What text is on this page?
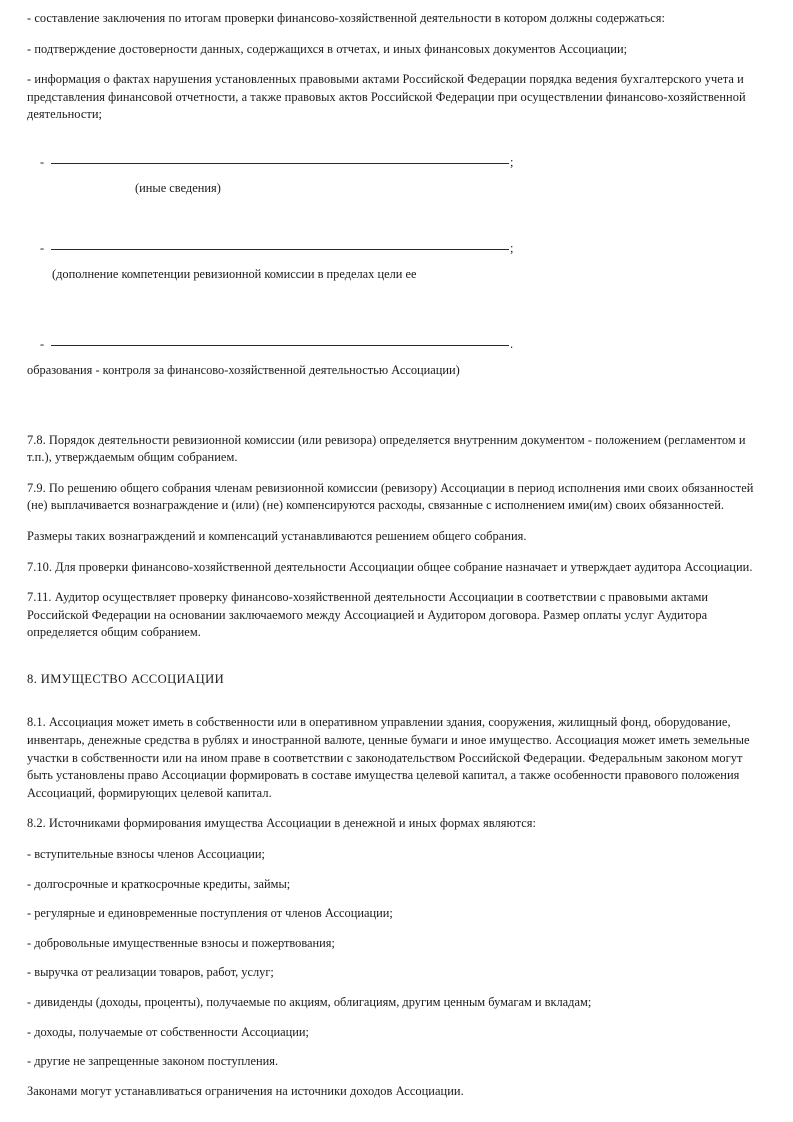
- составление заключения по итогам проверки финансово-хозяйственной деятельности в котором должны содержаться:

- подтверждение достоверности данных, содержащихся в отчетах, и иных финансовых документов Ассоциации;

- информация о фактах нарушения установленных правовыми актами Российской Федерации порядка ведения бухгалтерского учета и представления финансовой отчетности, а также правовых актов Российской Федерации при осуществлении финансово-хозяйственной деятельности;

-	;

(иные сведения)

-	;

(дополнение компетенции ревизионной комиссии в пределах цели ее

-	.

образования - контроля за финансово-хозяйственной деятельностью Ассоциации)

7.8. Порядок деятельности ревизионной комиссии (или ревизора) определяется внутренним документом - положением (регламентом и т.п.), утверждаемым общим собранием.

7.9. По решению общего собрания членам ревизионной комиссии (ревизору) Ассоциации в период исполнения ими своих обязанностей (не) выплачивается вознаграждение и (или) (не) компенсируются расходы, связанные с исполнением ими(им) своих обязанностей.

Размеры таких вознаграждений и компенсаций устанавливаются решением общего собрания.

7.10. Для проверки финансово-хозяйственной деятельности Ассоциации общее собрание назначает и утверждает аудитора Ассоциации.

7.11. Аудитор осуществляет проверку финансово-хозяйственной деятельности Ассоциации в соответствии с правовыми актами Российской Федерации на основании заключаемого между Ассоциацией и Аудитором договора. Размер оплаты услуг Аудитора определяется общим собранием.

8. ИМУЩЕСТВО АССОЦИАЦИИ

8.1. Ассоциация может иметь в собственности или в оперативном управлении здания, сооружения, жилищный фонд, оборудование, инвентарь, денежные средства в рублях и иностранной валюте, ценные бумаги и иное имущество. Ассоциация может иметь земельные участки в собственности или на ином праве в соответствии с законодательством Российской Федерации. Федеральным законом могут быть установлены право Ассоциации формировать в составе имущества целевой капитал, а также особенности правового положения Ассоциаций, формирующих целевой капитал.

8.2. Источниками формирования имущества Ассоциации в денежной и иных формах являются:

- вступительные взносы членов Ассоциации;

- долгосрочные и краткосрочные кредиты, займы;

- регулярные и единовременные поступления от членов Ассоциации;

- добровольные имущественные взносы и пожертвования;

- выручка от реализации товаров, работ, услуг;

- дивиденды (доходы, проценты), получаемые по акциям, облигациям, другим ценным бумагам и вкладам;

- доходы, получаемые от собственности Ассоциации;

- другие не запрещенные законом поступления.

Законами могут устанавливаться ограничения на источники доходов Ассоциации.
